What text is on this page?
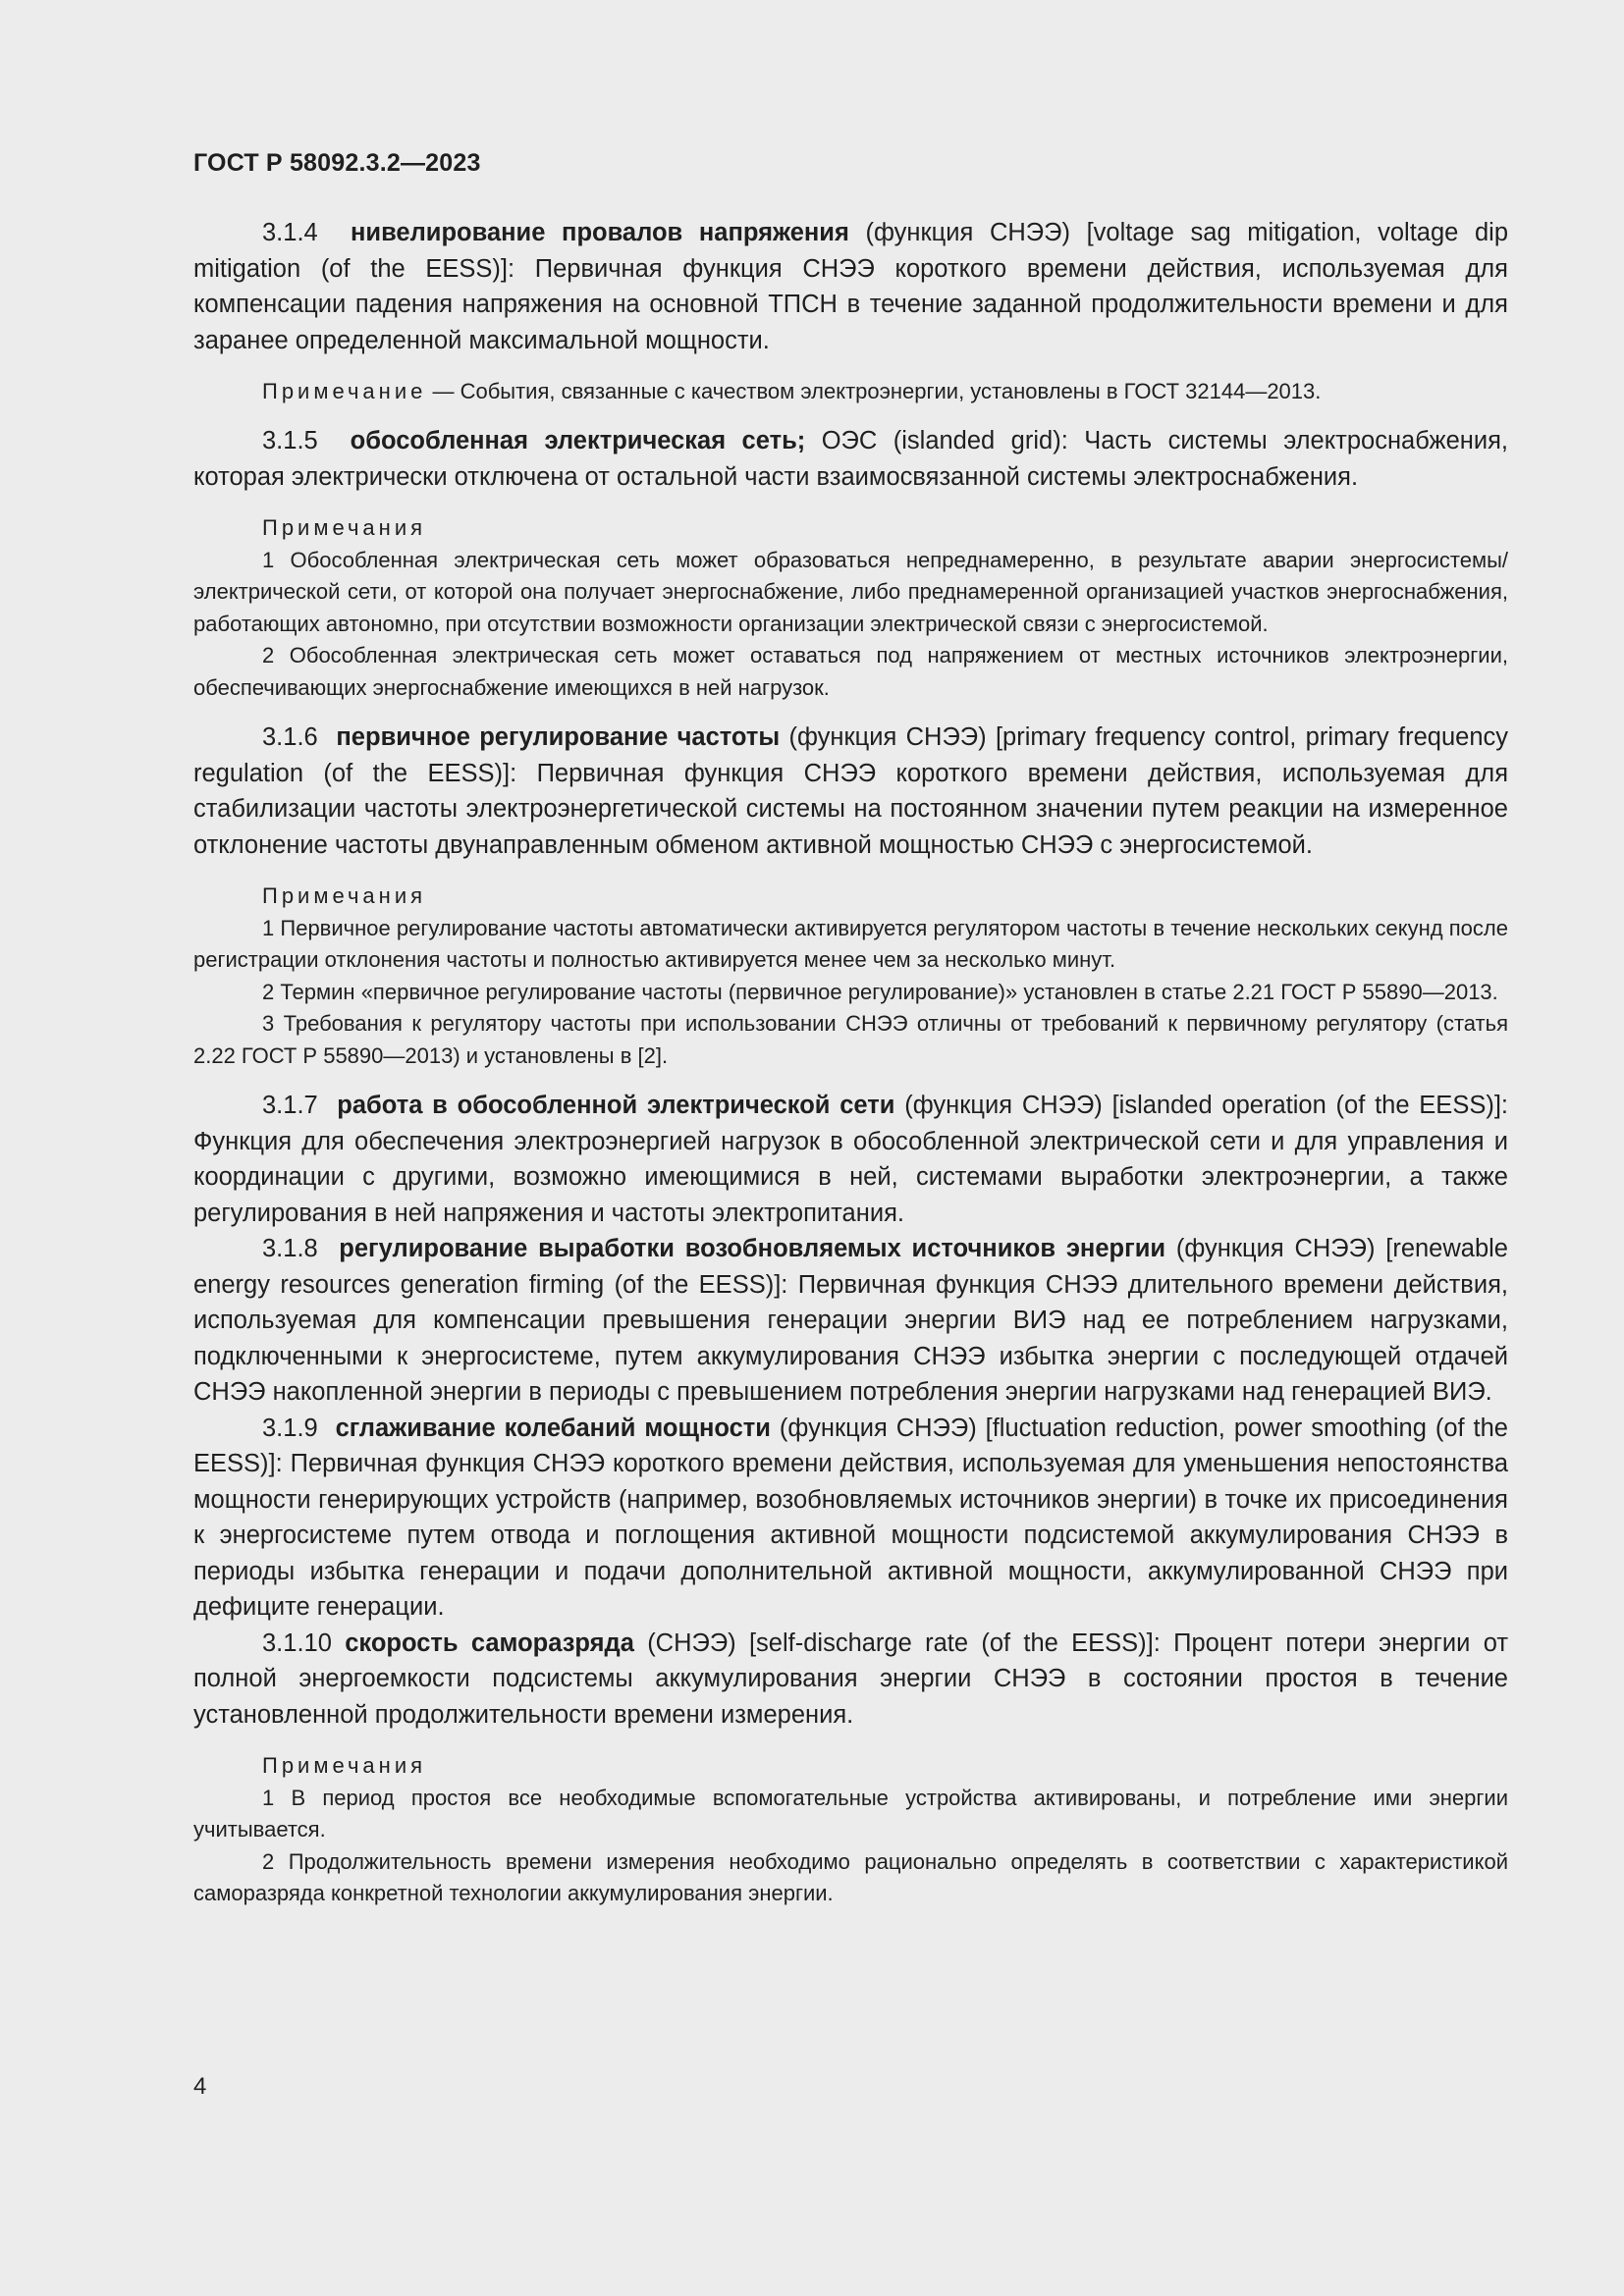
ГОСТ Р 58092.3.2—2023

3.1.4 нивелирование провалов напряжения (функция СНЭЭ) [voltage sag mitigation, voltage dip mitigation (of the EESS)]: Первичная функция СНЭЭ короткого времени действия, используемая для компенсации падения напряжения на основной ТПСН в течение заданной продолжительности времени и для заранее определенной максимальной мощности.

Примечание — События, связанные с качеством электроэнергии, установлены в ГОСТ 32144—2013.

3.1.5 обособленная электрическая сеть; ОЭС (islanded grid): Часть системы электроснабжения, которая электрически отключена от остальной части взаимосвязанной системы электроснабжения.

Примечания

1 Обособленная электрическая сеть может образоваться непреднамеренно, в результате аварии энергосистемы/электрической сети, от которой она получает энергоснабжение, либо преднамеренной организацией участков энергоснабжения, работающих автономно, при отсутствии возможности организации электрической связи с энергосистемой.

2 Обособленная электрическая сеть может оставаться под напряжением от местных источников электроэнергии, обеспечивающих энергоснабжение имеющихся в ней нагрузок.

3.1.6 первичное регулирование частоты (функция СНЭЭ) [primary frequency control, primary frequency regulation (of the EESS)]: Первичная функция СНЭЭ короткого времени действия, используемая для стабилизации частоты электроэнергетической системы на постоянном значении путем реакции на измеренное отклонение частоты двунаправленным обменом активной мощностью СНЭЭ с энергосистемой.

Примечания

1 Первичное регулирование частоты автоматически активируется регулятором частоты в течение нескольких секунд после регистрации отклонения частоты и полностью активируется менее чем за несколько минут.

2 Термин «первичное регулирование частоты (первичное регулирование)» установлен в статье 2.21 ГОСТ Р 55890—2013.

3 Требования к регулятору частоты при использовании СНЭЭ отличны от требований к первичному регулятору (статья 2.22 ГОСТ Р 55890—2013) и установлены в [2].

3.1.7 работа в обособленной электрической сети (функция СНЭЭ) [islanded operation (of the EESS)]: Функция для обеспечения электроэнергией нагрузок в обособленной электрической сети и для управления и координации с другими, возможно имеющимися в ней, системами выработки электроэнергии, а также регулирования в ней напряжения и частоты электропитания.

3.1.8 регулирование выработки возобновляемых источников энергии (функция СНЭЭ) [renewable energy resources generation firming (of the EESS)]: Первичная функция СНЭЭ длительного времени действия, используемая для компенсации превышения генерации энергии ВИЭ над ее потреблением нагрузками, подключенными к энергосистеме, путем аккумулирования СНЭЭ избытка энергии с последующей отдачей СНЭЭ накопленной энергии в периоды с превышением потребления энергии нагрузками над генерацией ВИЭ.

3.1.9 сглаживание колебаний мощности (функция СНЭЭ) [fluctuation reduction, power smoothing (of the EESS)]: Первичная функция СНЭЭ короткого времени действия, используемая для уменьшения непостоянства мощности генерирующих устройств (например, возобновляемых источников энергии) в точке их присоединения к энергосистеме путем отвода и поглощения активной мощности подсистемой аккумулирования СНЭЭ в периоды избытка генерации и подачи дополнительной активной мощности, аккумулированной СНЭЭ при дефиците генерации.

3.1.10 скорость саморазряда (СНЭЭ) [self-discharge rate (of the EESS)]: Процент потери энергии от полной энергоемкости подсистемы аккумулирования энергии СНЭЭ в состоянии простоя в течение установленной продолжительности времени измерения.

Примечания

1 В период простоя все необходимые вспомогательные устройства активированы, и потребление ими энергии учитывается.

2 Продолжительность времени измерения необходимо рационально определять в соответствии с характеристикой саморазряда конкретной технологии аккумулирования энергии.

4
